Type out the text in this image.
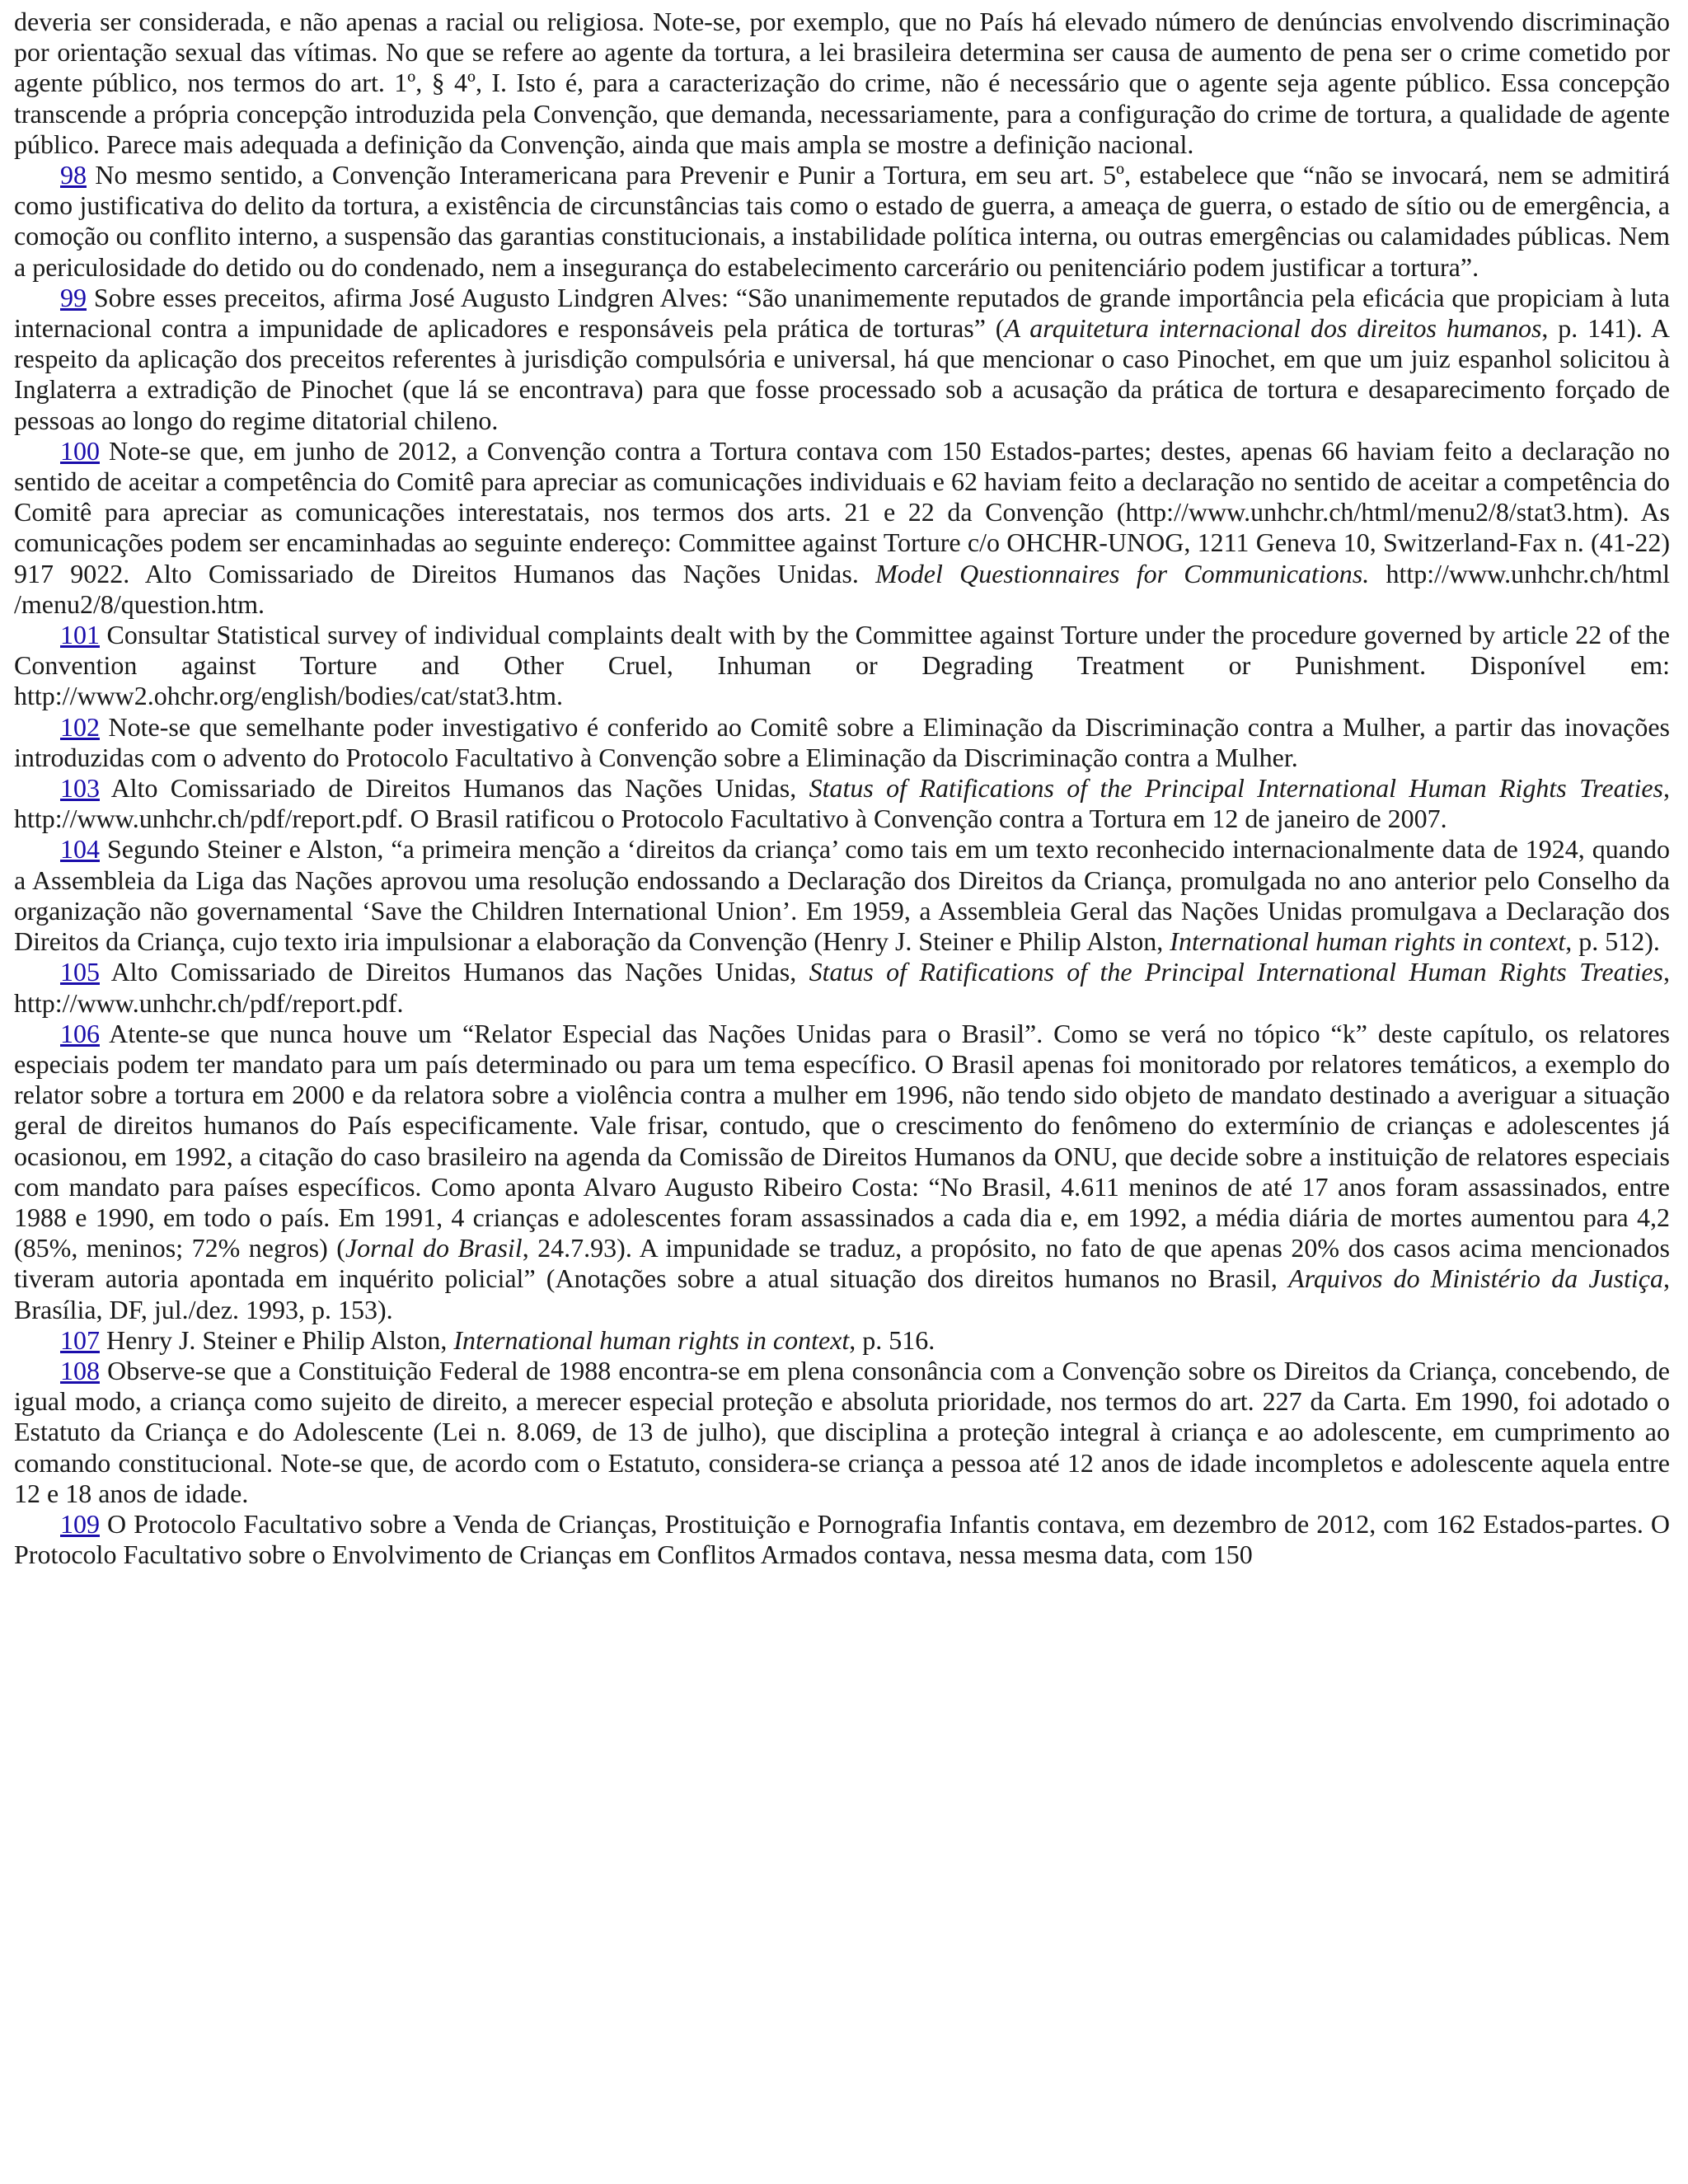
deveria ser considerada, e não apenas a racial ou religiosa. Note-se, por exemplo, que no País há elevado número de denúncias envolvendo discriminação por orientação sexual das vítimas. No que se refere ao agente da tortura, a lei brasileira determina ser causa de aumento de pena ser o crime cometido por agente público, nos termos do art. 1º, § 4º, I. Isto é, para a caracterização do crime, não é necessário que o agente seja agente público. Essa concepção transcende a própria concepção introduzida pela Convenção, que demanda, necessariamente, para a configuração do crime de tortura, a qualidade de agente público. Parece mais adequada a definição da Convenção, ainda que mais ampla se mostre a definição nacional.

98 No mesmo sentido, a Convenção Interamericana para Prevenir e Punir a Tortura, em seu art. 5º, estabelece que “não se invocará, nem se admitirá como justificativa do delito da tortura, a existência de circunstâncias tais como o estado de guerra, a ameaça de guerra, o estado de sítio ou de emergência, a comoção ou conflito interno, a suspensão das garantias constitucionais, a instabilidade política interna, ou outras emergências ou calamidades públicas. Nem a periculosidade do detido ou do condenado, nem a insegurança do estabelecimento carcerário ou penitenciário podem justificar a tortura”.

99 Sobre esses preceitos, afirma José Augusto Lindgren Alves: “São unanimemente reputados de grande importância pela eficácia que propiciam à luta internacional contra a impunidade de aplicadores e responsáveis pela prática de torturas” (A arquitetura internacional dos direitos humanos, p. 141). A respeito da aplicação dos preceitos referentes à jurisdição compulsória e universal, há que mencionar o caso Pinochet, em que um juiz espanhol solicitou à Inglaterra a extradição de Pinochet (que lá se encontrava) para que fosse processado sob a acusação da prática de tortura e desaparecimento forçado de pessoas ao longo do regime ditatorial chileno.

100 Note-se que, em junho de 2012, a Convenção contra a Tortura contava com 150 Estados-partes; destes, apenas 66 haviam feito a declaração no sentido de aceitar a competência do Comitê para apreciar as comunicações individuais e 62 haviam feito a declaração no sentido de aceitar a competência do Comitê para apreciar as comunicações interestatais, nos termos dos arts. 21 e 22 da Convenção (http://www.unhchr.ch/html/menu2/8/stat3.htm). As comunicações podem ser encaminhadas ao seguinte endereço: Committee against Torture c/o OHCHR-UNOG, 1211 Geneva 10, Switzerland-Fax n. (41-22) 917 9022. Alto Comissariado de Direitos Humanos das Nações Unidas. Model Questionnaires for Communications. http://www.unhchr.ch/html /menu2/8/question.htm.

101 Consultar Statistical survey of individual complaints dealt with by the Committee against Torture under the procedure governed by article 22 of the Convention against Torture and Other Cruel, Inhuman or Degrading Treatment or Punishment. Disponível em: http://www2.ohchr.org/english/bodies/cat/stat3.htm.

102 Note-se que semelhante poder investigativo é conferido ao Comitê sobre a Eliminação da Discriminação contra a Mulher, a partir das inovações introduzidas com o advento do Protocolo Facultativo à Convenção sobre a Eliminação da Discriminação contra a Mulher.

103 Alto Comissariado de Direitos Humanos das Nações Unidas, Status of Ratifications of the Principal International Human Rights Treaties, http://www.unhchr.ch/pdf/report.pdf. O Brasil ratificou o Protocolo Facultativo à Convenção contra a Tortura em 12 de janeiro de 2007.

104 Segundo Steiner e Alston, “a primeira menção a ‘direitos da criança’ como tais em um texto reconhecido internacionalmente data de 1924, quando a Assembleia da Liga das Nações aprovou uma resolução endossando a Declaração dos Direitos da Criança, promulgada no ano anterior pelo Conselho da organização não governamental ‘Save the Children International Union’. Em 1959, a Assembleia Geral das Nações Unidas promulgava a Declaração dos Direitos da Criança, cujo texto iria impulsionar a elaboração da Convenção (Henry J. Steiner e Philip Alston, International human rights in context, p. 512).

105 Alto Comissariado de Direitos Humanos das Nações Unidas, Status of Ratifications of the Principal International Human Rights Treaties, http://www.unhchr.ch/pdf/report.pdf.

106 Atente-se que nunca houve um “Relator Especial das Nações Unidas para o Brasil”. Como se verá no tópico “k” deste capítulo, os relatores especiais podem ter mandato para um país determinado ou para um tema específico. O Brasil apenas foi monitorado por relatores temáticos, a exemplo do relator sobre a tortura em 2000 e da relatora sobre a violência contra a mulher em 1996, não tendo sido objeto de mandato destinado a averiguar a situação geral de direitos humanos do País especificamente. Vale frisar, contudo, que o crescimento do fenômeno do extermínio de crianças e adolescentes já ocasionou, em 1992, a citação do caso brasileiro na agenda da Comissão de Direitos Humanos da ONU, que decide sobre a instituição de relatores especiais com mandato para países específicos. Como aponta Alvaro Augusto Ribeiro Costa: “No Brasil, 4.611 meninos de até 17 anos foram assassinados, entre 1988 e 1990, em todo o país. Em 1991, 4 crianças e adolescentes foram assassinados a cada dia e, em 1992, a média diária de mortes aumentou para 4,2 (85%, meninos; 72% negros) (Jornal do Brasil, 24.7.93). A impunidade se traduz, a propósito, no fato de que apenas 20% dos casos acima mencionados tiveram autoria apontada em inquérito policial” (Anotações sobre a atual situação dos direitos humanos no Brasil, Arquivos do Ministério da Justiça, Brasília, DF, jul./dez. 1993, p. 153).

107 Henry J. Steiner e Philip Alston, International human rights in context, p. 516.

108 Observe-se que a Constituição Federal de 1988 encontra-se em plena consonância com a Convenção sobre os Direitos da Criança, concebendo, de igual modo, a criança como sujeito de direito, a merecer especial proteção e absoluta prioridade, nos termos do art. 227 da Carta. Em 1990, foi adotado o Estatuto da Criança e do Adolescente (Lei n. 8.069, de 13 de julho), que disciplina a proteção integral à criança e ao adolescente, em cumprimento ao comando constitucional. Note-se que, de acordo com o Estatuto, considera-se criança a pessoa até 12 anos de idade incompletos e adolescente aquela entre 12 e 18 anos de idade.

109 O Protocolo Facultativo sobre a Venda de Crianças, Prostituição e Pornografia Infantis contava, em dezembro de 2012, com 162 Estados-partes. O Protocolo Facultativo sobre o Envolvimento de Crianças em Conflitos Armados contava, nessa mesma data, com 150
